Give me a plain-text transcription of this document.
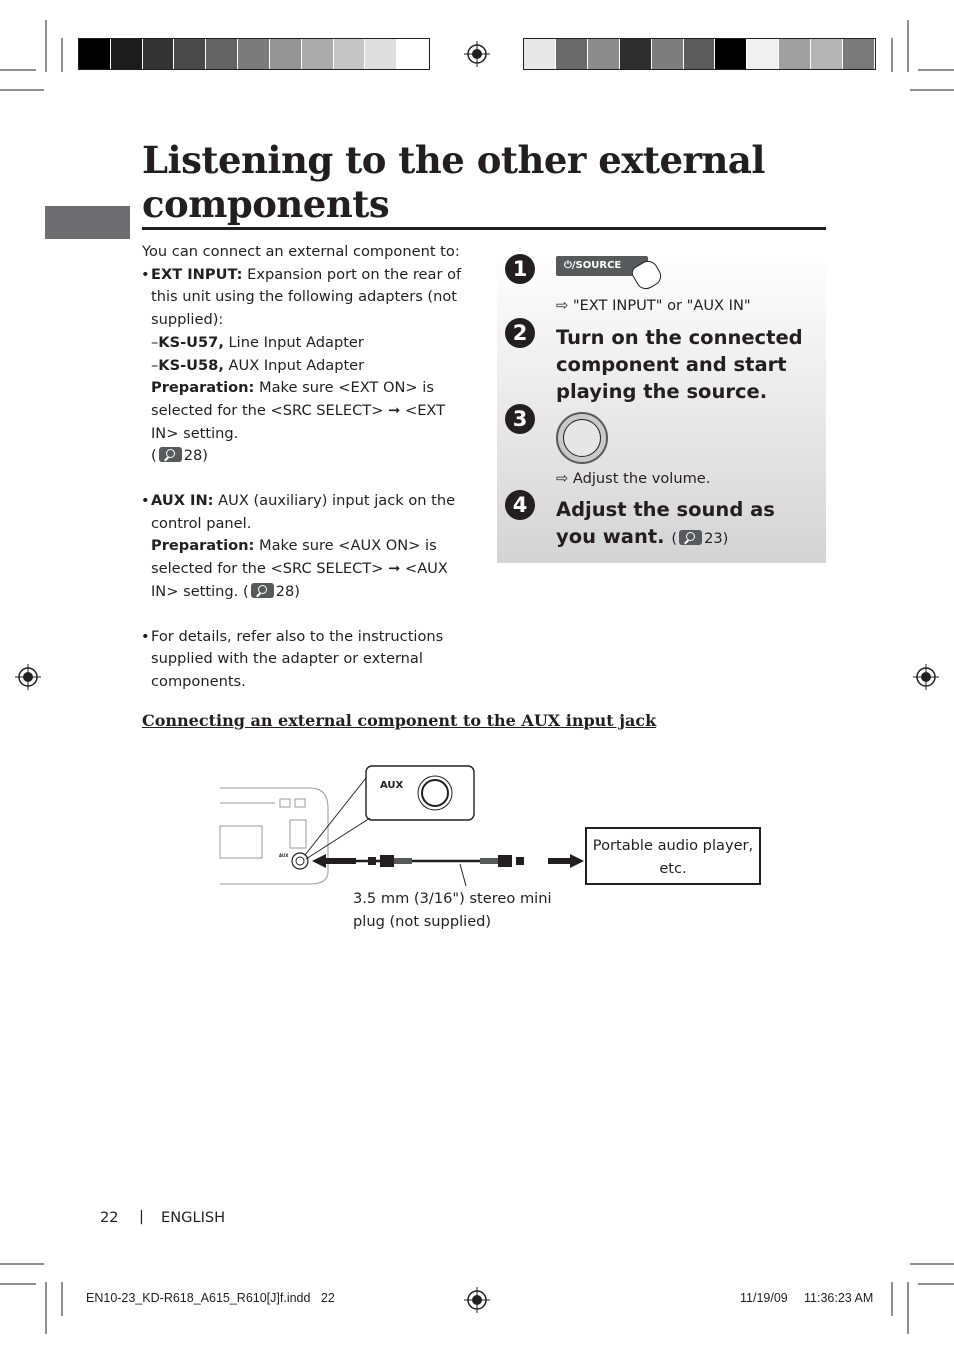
Listening to the other external components

You can connect an external component to:

• EXT INPUT: Expansion port on the rear of this unit using the following adapters (not supplied):
–KS-U57, Line Input Adapter
–KS-U58, AUX Input Adapter
Preparation: Make sure <EXT ON> is selected for the <SRC SELECT> ➞ <EXT IN> setting.
( 28)
• AUX IN: AUX (auxiliary) input jack on the control panel.
Preparation: Make sure <AUX ON> is selected for the <SRC SELECT> ➞ <AUX IN> setting. ( 28)
• For details, refer also to the instructions supplied with the adapter or external components.
1	⏻/SOURCE
⇨ "EXT INPUT" or "AUX IN"
2	Turn on the connected component and start playing the source.
3
⇨ Adjust the volume.
4	Adjust the sound as you want. ( 23)
Connecting an external component to the AUX input jack
AUX
AUX
Portable audio player, etc.
3.5 mm (3/16") stereo mini plug (not supplied)
22 | ENGLISH
EN10-23_KD-R618_A615_R610[J]f.indd   22	11/19/09 11:36:23 AM
